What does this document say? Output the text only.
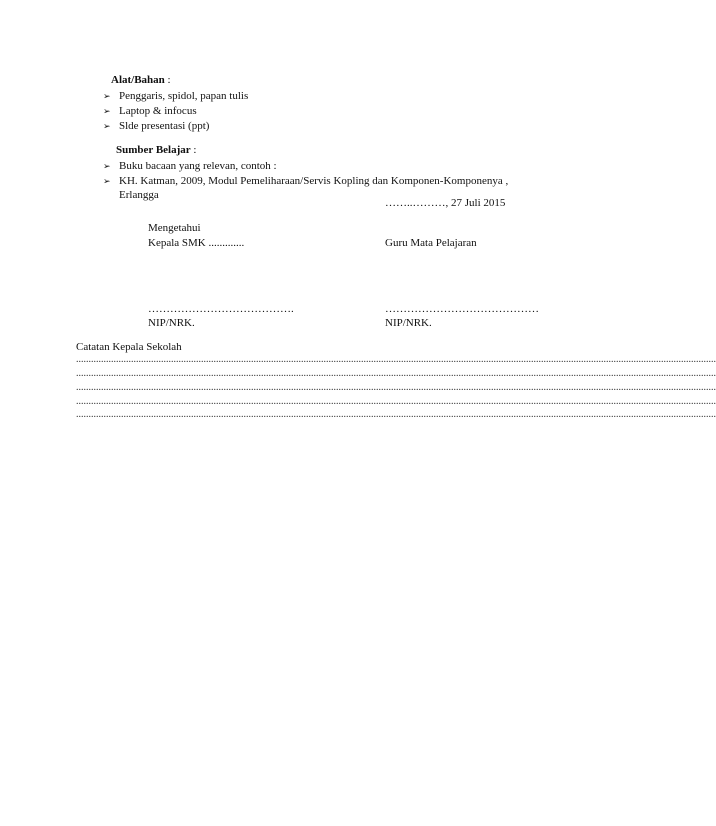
Alat/Bahan :
➢ Penggaris, spidol, papan tulis
➢ Laptop & infocus
➢ Slde presentasi (ppt)
Sumber Belajar :
➢ Buku bacaan yang relevan, contoh :
➢ KH. Katman, 2009, Modul Pemeliharaan/Servis Kopling dan Komponen-Komponenya ,
Erlangga
……..………, 27 Juli 2015
Mengetahui
Kepala SMK .............	Guru Mata Pelajaran
………………………………….	……………………………………
NIP/NRK.	NIP/NRK.
Catatan Kepala Sekolah
................................................................................................................................................................................................................................................................
................................................................................................................................................................................................................................................................
................................................................................................................................................................................................................................................................
................................................................................................................................................................................................................................................................
................................................................................................................................................................................................................................................................
